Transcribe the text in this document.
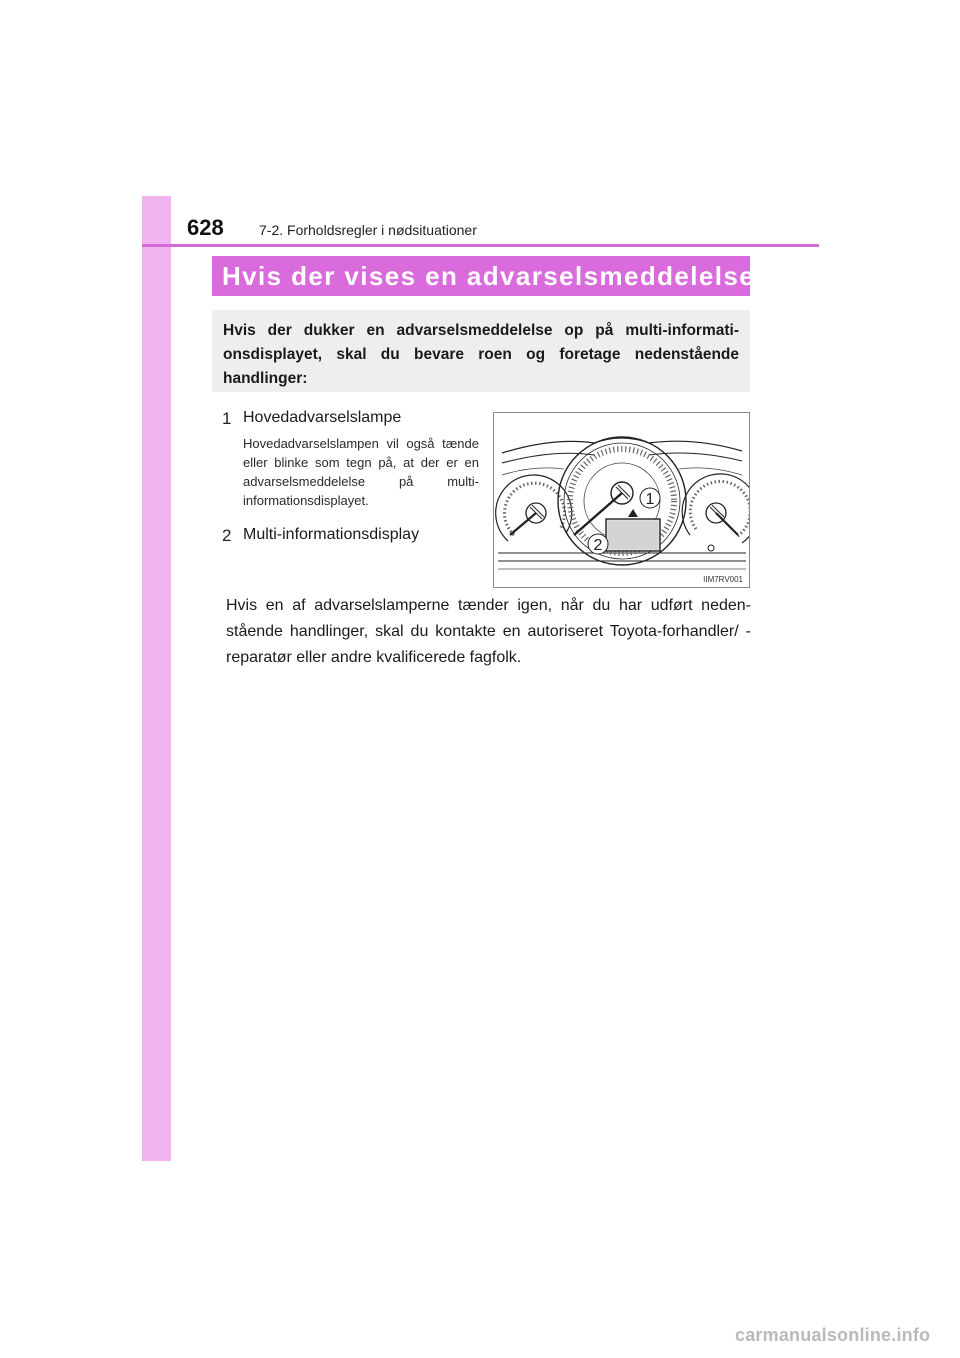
628	7-2. Forholdsregler i nødsituationer
Hvis der vises en advarselsmeddelelse
Hvis der dukker en advarselsmeddelelse op på multi-informati-onsdisplayet, skal du bevare roen og foretage nedenstående handlinger:
1 Hovedadvarselslampe
Hovedadvarselslampen vil også tænde eller blinke som tegn på, at der er en advarselsmeddelelse på multi-informationsdisplayet.
2 Multi-informationsdisplay
1
2
IIM7RV001
Hvis en af advarselslamperne tænder igen, når du har udført neden-stående handlinger, skal du kontakte en autoriseret Toyota-forhandler/ -reparatør eller andre kvalificerede fagfolk.
carmanualsonline.info
